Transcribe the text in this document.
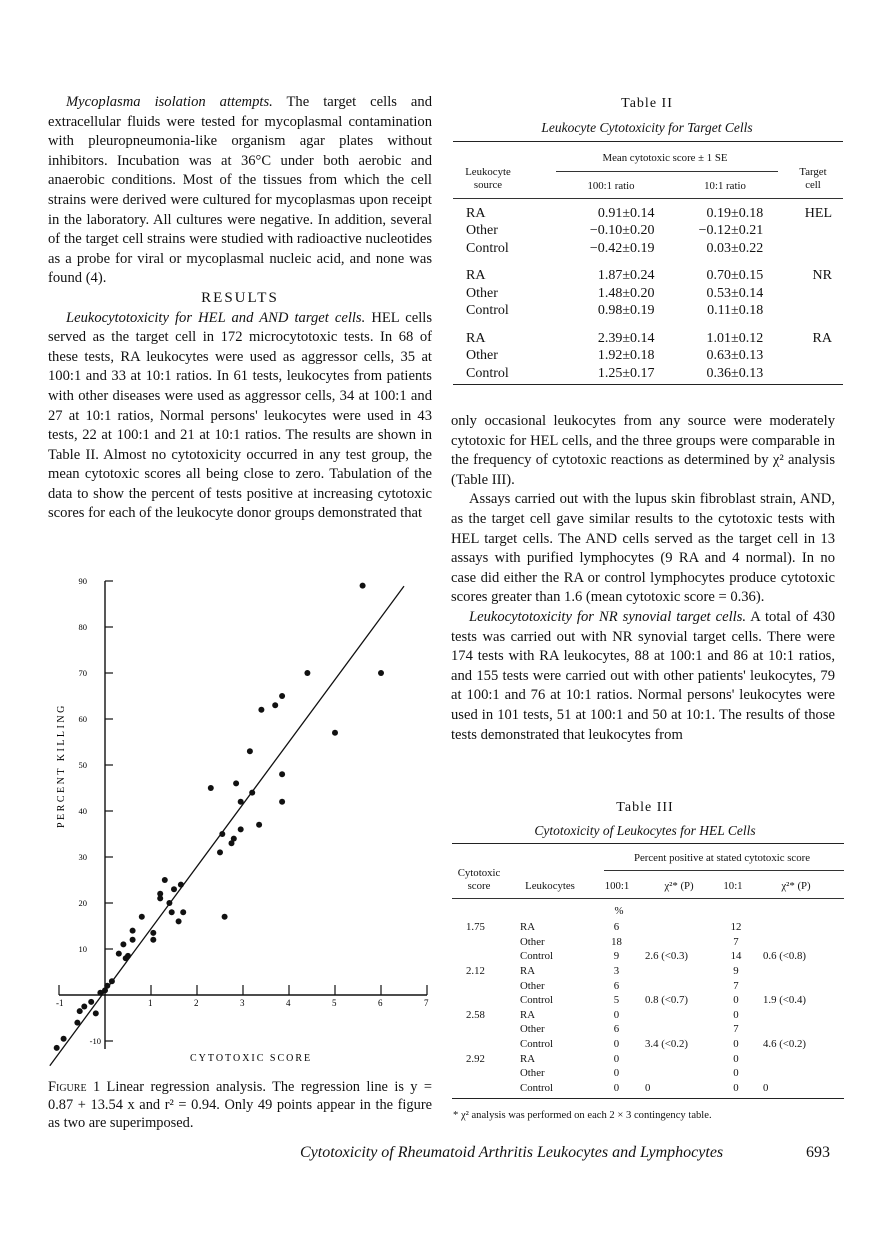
Mycoplasma isolation attempts. The target cells and extracellular fluids were tested for mycoplasmal contamination with pleuropneumonia-like organism agar plates without inhibitors. Incubation was at 36°C under both aerobic and anaerobic conditions. Most of the tissues from which the cell strains were derived were cultured for mycoplasmas upon receipt in the laboratory. All cultures were negative. In addition, several of the target cell strains were studied with radioactive nucleotides as a probe for viral or mycoplasmal nucleic acid, and none was found (4).

RESULTS

Leukocytotoxicity for HEL and AND target cells. HEL cells served as the target cell in 172 microcytotoxic tests. In 68 of these tests, RA leukocytes were used as aggressor cells, 35 at 100:1 and 33 at 10:1 ratios. In 61 tests, leukocytes from patients with other diseases were used as aggressor cells, 34 at 100:1 and 27 at 10:1 ratios, Normal persons' leukocytes were used in 43 tests, 22 at 100:1 and 21 at 10:1 ratios. The results are shown in Table II. Almost no cytotoxicity occurred in any test group, the mean cytotoxic scores all being close to zero. Tabulation of the data to show the percent of tests positive at increasing cytotoxic scores for each of the leukocyte donor groups demonstrated that

Table II
Leukocyte Cytotoxicity for Target Cells
Leukocyte
source
Mean cytotoxic score ± 1 SE
100:1 ratio	10:1 ratio
Target
cell
RA	0.91±0.14	0.19±0.18	HEL
Other	−0.10±0.20	−0.12±0.21	
Control	−0.42±0.19	0.03±0.22	
RA	1.87±0.24	0.70±0.15	NR
Other	1.48±0.20	0.53±0.14	
Control	0.98±0.19	0.11±0.18	
RA	2.39±0.14	1.01±0.12	RA
Other	1.92±0.18	0.63±0.13	
Control	1.25±0.17	0.36±0.13	

only occasional leukocytes from any source were moderately cytotoxic for HEL cells, and the three groups were comparable in the frequency of cytotoxic reactions as determined by χ² analysis (Table III).

Assays carried out with the lupus skin fibroblast strain, AND, as the target cell gave similar results to the cytotoxic tests with HEL target cells. The AND cells served as the target cell in 13 assays with purified lymphocytes (9 RA and 4 normal). In no case did either the RA or control lymphocytes produce cytotoxic scores greater than 1.6 (mean cytotoxic score = 0.36).

Leukocytotoxicity for NR synovial target cells. A total of 430 tests was carried out with NR synovial target cells. There were 174 tests with RA leukocytes, 88 at 100:1 and 86 at 10:1 ratios, and 155 tests were carried out with other patients' leukocytes, 79 at 100:1 and 76 at 10:1 ratios. Normal persons' leukocytes were used in 101 tests, 51 at 100:1 and 50 at 10:1. The results of those tests demonstrated that leukocytes from

Table III
Cytotoxicity of Leukocytes for HEL Cells
Percent positive at stated cytotoxic score
Cytotoxic
score	Leukocytes	100:1	χ²* (P)	10:1	χ²* (P)
%
1.75	RA	6		12	
	Other	18		7	
	Control	9	2.6 (<0.3)	14	0.6 (<0.8)
2.12	RA	3		9	
	Other	6		7	
	Control	5	0.8 (<0.7)	0	1.9 (<0.4)
2.58	RA	0		0	
	Other	6		7	
	Control	0	3.4 (<0.2)	0	4.6 (<0.2)
2.92	RA	0		0	
	Other	0		0	
	Control	0	0	0	0
* χ² analysis was performed on each 2 × 3 contingency table.
-1	1	2	3	4	5	6	7
-10
10
20
30
40
50
60
70
80
90
PERCENT KILLING
CYTOTOXIC SCORE
Figure 1 Linear regression analysis. The regression line is y = 0.87 + 13.54 x and r² = 0.94. Only 49 points appear in the figure as two are superimposed.
Cytotoxicity of Rheumatoid Arthritis Leukocytes and Lymphocytes	693
